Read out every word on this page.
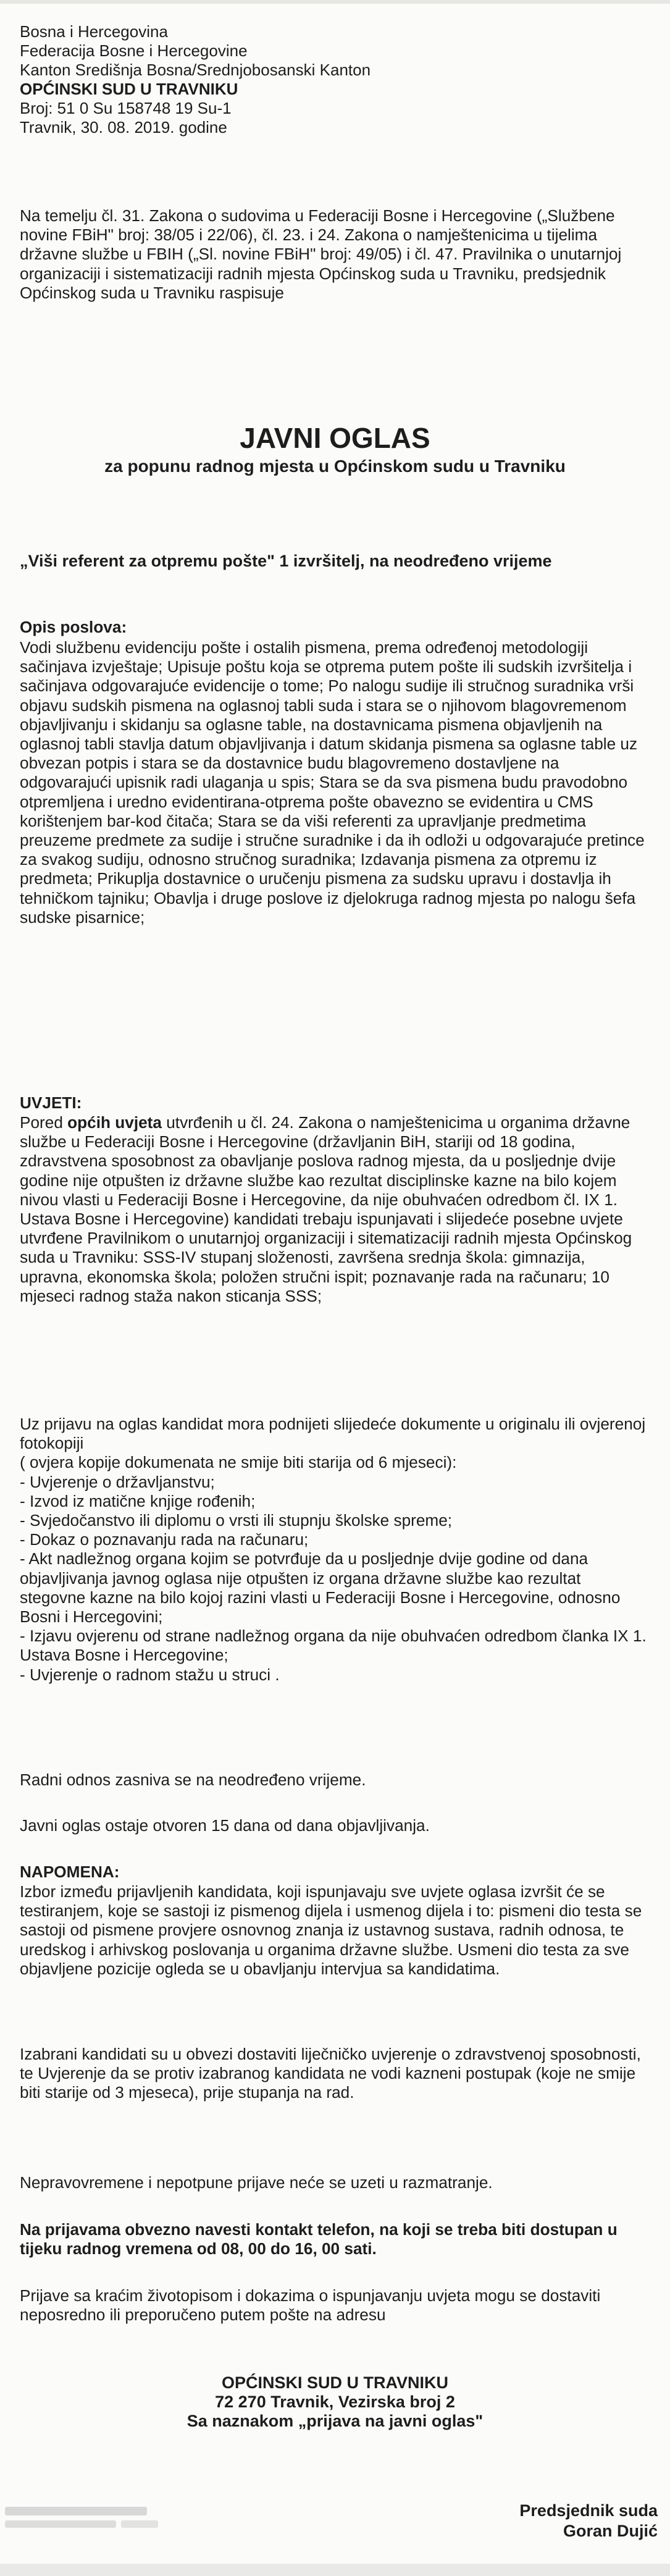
Bosna i Hercegovina
Federacija Bosne i Hercegovine
Kanton Središnja Bosna/Srednjobosanski Kanton
OPĆINSKI SUD U TRAVNIKU
Broj: 51 0 Su 158748 19 Su-1
Travnik, 30. 08. 2019. godine
Na temelju čl. 31. Zakona o sudovima u Federaciji Bosne i Hercegovine („Službene novine FBiH" broj: 38/05 i 22/06), čl. 23. i 24. Zakona o namještenicima u tijelima državne službe u FBIH („Sl. novine FBiH" broj: 49/05) i čl. 47. Pravilnika o unutarnjoj organizaciji i sistematizaciji radnih mjesta Općinskog suda u Travniku, predsjednik Općinskog suda u Travniku raspisuje
JAVNI OGLAS
za popunu radnog mjesta u Općinskom sudu u Travniku
„Viši referent za otpremu pošte" 1 izvršitelj, na neodređeno vrijeme
Opis poslova:
Vodi službenu evidenciju pošte i ostalih pismena, prema određenoj metodologiji sačinjava izvještaje; Upisuje poštu koja se otprema putem pošte ili sudskih izvršitelja i sačinjava odgovarajuće evidencije o tome; Po nalogu sudije ili stručnog suradnika vrši objavu sudskih pismena na oglasnoj tabli suda i stara se o njihovom blagovremenom objavljivanju i skidanju sa oglasne table, na dostavnicama pismena objavljenih na oglasnoj tabli stavlja datum objavljivanja i datum skidanja pismena sa oglasne table uz obvezan potpis i stara se da dostavnice budu blagovremeno dostavljene na odgovarajući upisnik radi ulaganja u spis; Stara se da sva pismena budu pravodobno otpremljena i uredno evidentirana-otprema pošte obavezno se evidentira u CMS korištenjem bar-kod čitača; Stara se da viši referenti za upravljanje predmetima preuzeme predmete za sudije i stručne suradnike i da ih odloži u odgovarajuće pretince za svakog sudiju, odnosno stručnog suradnika; Izdavanja pismena za otpremu iz predmeta; Prikuplja dostavnice o uručenju pismena za sudsku upravu i dostavlja ih tehničkom tajniku; Obavlja i druge poslove iz djelokruga radnog mjesta po nalogu šefa sudske pisarnice;
UVJETI:
Pored općih uvjeta utvrđenih u čl. 24. Zakona o namještenicima u organima državne službe u Federaciji Bosne i Hercegovine (državljanin BiH, stariji od 18 godina, zdravstvena sposobnost za obavljanje poslova radnog mjesta, da u posljednje dvije godine nije otpušten iz državne službe kao rezultat disciplinske kazne na bilo kojem nivou vlasti u Federaciji Bosne i Hercegovine, da nije obuhvaćen odredbom čl. IX 1. Ustava Bosne i Hercegovine) kandidati trebaju ispunjavati i slijedeće posebne uvjete utvrđene Pravilnikom o unutarnjoj organizaciji i sitematizaciji radnih mjesta Općinskog suda u Travniku: SSS-IV stupanj složenosti, završena srednja škola: gimnazija, upravna, ekonomska škola; položen stručni ispit; poznavanje rada na računaru; 10 mjeseci radnog staža nakon sticanja SSS;
Uz prijavu na oglas kandidat mora podnijeti slijedeće dokumente u originalu ili ovjerenoj fotokopiji
( ovjera kopije dokumenata ne smije biti starija od 6 mjeseci):
- Uvjerenje o državljanstvu;
- Izvod iz matične knjige rođenih;
- Svjedočanstvo ili diplomu o vrsti ili stupnju školske spreme;
- Dokaz o poznavanju rada na računaru;
- Akt nadležnog organa kojim se potvrđuje da u posljednje dvije godine od dana objavljivanja javnog oglasa nije otpušten iz organa državne službe kao rezultat stegovne kazne na bilo kojoj razini vlasti u Federaciji Bosne i Hercegovine, odnosno Bosni i Hercegovini;
- Izjavu ovjerenu od strane nadležnog organa da nije obuhvaćen odredbom članka IX 1. Ustava Bosne i Hercegovine;
- Uvjerenje o radnom stažu u struci .
Radni odnos zasniva se na neodređeno vrijeme.
Javni oglas ostaje otvoren 15 dana od dana objavljivanja.
NAPOMENA:
Izbor između prijavljenih kandidata, koji ispunjavaju sve uvjete oglasa izvršit će se testiranjem, koje se sastoji iz pismenog dijela i usmenog dijela i to: pismeni dio testa se sastoji od pismene provjere osnovnog znanja iz ustavnog sustava, radnih odnosa, te uredskog i arhivskog poslovanja u organima državne službe. Usmeni dio testa za sve objavljene pozicije ogleda se u obavljanju intervjua sa kandidatima.
Izabrani kandidati su u obvezi dostaviti liječničko uvjerenje o zdravstvenoj sposobnosti, te Uvjerenje da se protiv izabranog kandidata ne vodi kazneni postupak (koje ne smije biti starije od 3 mjeseca), prije stupanja na rad.
Nepravovremene i nepotpune prijave neće se uzeti u razmatranje.
Na prijavama obvezno navesti kontakt telefon, na koji se treba biti dostupan u tijeku radnog vremena od 08, 00 do 16, 00 sati.
Prijave sa kraćim životopisom i dokazima o ispunjavanju uvjeta mogu se dostaviti neposredno ili preporučeno putem pošte na adresu
OPĆINSKI SUD U TRAVNIKU
72 270 Travnik, Vezirska broj 2
Sa naznakom „prijava na javni oglas"
Predsjednik suda
Goran Dujić
